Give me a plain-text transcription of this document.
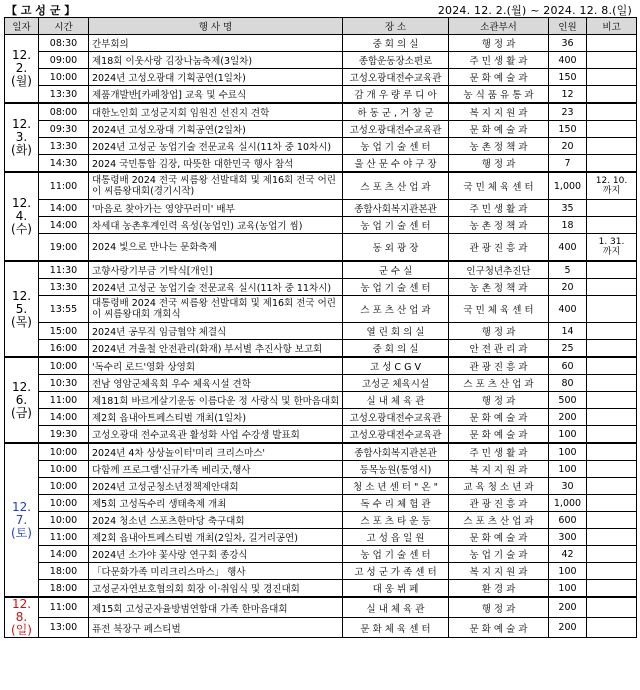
【 고 성 군 】	2024. 12. 2.(월) ~ 2024. 12. 8.(일)
일자	시간	행 사 명	장 소	소관부서	인원	비고
12. 2.
(월)	08:30	간부회의	중 회 의 실	행 정 과	36	
	09:00	제18회 이웃사랑 김장나눔축제(3일차)	종합운동장소편로	주 민 생 활 과	400	
	10:00	2024년 고성오광대 기획공연(1일차)	고성오광대전수교육관	문 화 예 술 과	150	
	13:30	제품개발반[카페창업] 교육 및 수료식	감 개 우 량 루 디 아	농 식 품 유 통 과	12	
12. 3.
(화)	08:00	대한노인회 고성군지회 임원진 선진지 견학	하 동 군 , 거 창 군	복 지 지 원 과	23	
	09:30	2024년 고성오광대 기획공연(2일차)	고성오광대전수교육관	문 화 예 술 과	150	
	13:30	2024년 고성군 농업기술 전문교육 실시(11차 중 10차시)	농 업 기 술 센 터	농 촌 정 책 과	20	
	14:30	2024 국민통합 김장, 따뜻한 대한민국 행사 참석	울 산 문 수 야 구 장	행 정 과	7	
12. 4.
(수)	11:00	대통령배 2024 전국 씨름왕 선발대회 및 제16회 전국 어린이 씨름왕대회(경기시작)	스 포 츠 산 업 과	국 민 체 육 센 터	1,000	12. 10.
까지
	14:00	'마음로 찾아가는 영양꾸러미' 배부	종합사회복지관본관	주 민 생 활 과	35	
	14:00	차세대 농촌후계인력 육성(농업인) 교육(농업기 씸)	농 업 기 술 센 터	농 촌 정 책 과	18	
	19:00	2024 빛으로 만나는 문화축제	동 외 광 장	관 광 진 흥 과	400	1. 31.
까지
12. 5.
(목)	11:30	고향사랑기부금 기탁식[개인]	군 수 실	인구청년추진단	5	
	13:30	2024년 고성군 농업기술 전문교육 실시(11차 중 11차시)	농 업 기 술 센 터	농 촌 정 책 과	20	
	13:55	대통령배 2024 전국 씨름왕 선발대회 및 제16회 전국 어린이 씨름왕대회 개회식	스 포 츠 산 업 과	국 민 체 육 센 터	400	
	15:00	2024년 공무직 임금협약 체결식	열 린 회 의 실	행 정 과	14	
	16:00	2024년 겨울철 안전관리(화재) 부서별 추진사항 보고회	중 회 의 실	안 전 관 리 과	25	
12. 6.
(금)	10:00	'독수리 로드'영화 상영회	고 성 C G V	관 광 진 흥 과	60	
	10:30	전남 영암군체육회 우수 체육시설 견학	고성군 체육시설	스 포 츠 산 업 과	80	
	11:00	제181회 바르게살기운동 이름다운 정 사랑식 및 한마음대회	실 내 체 육 관	행 정 과	500	
	14:00	제2회 읍내아트페스티벌 개최(1일차)	고성오광대전수교육관	문 화 예 술 과	200	
	19:30	고성오광대 전수교육관 활성화 사업 수강생 발표회	고성오광대전수교육관	문 화 예 술 과	100	
12. 7.
(토)	10:00	2024년 4차 상상놀이터'미리 크리스마스'	종합사회복지관본관	주 민 생 활 과	100	
	10:00	다함께 프로그램'신규가족 베리굿,행사	등목농원(통영시)	복 지 지 원 과	100	
	10:00	2024년 고성군청소년정책제안대회	청 소 년 센 터 " 온 "	교 육 청 소 년 과	30	
	10:00	제5회 고성독수리 생태축제 개최	독 수 리 체 험 관	관 광 진 흥 과	1,000	
	10:00	2024 청소년 스포츠한마당 축구대회	스 포 츠 타 운 등	스 포 츠 산 업 과	600	
	11:00	제2회 읍내아트페스티벌 개최(2일차, 길거리공연)	고 성 읍 일 원	문 화 예 술 과	300	
	14:00	2024년 소가야 꽃사랑 연구회 종강식	농 업 기 술 센 터	농 업 기 술 과	42	
	18:00	「다문화가족 미리크리스마스」 행사	고 성 군 가 족 센 터	복 지 지 원 과	100	
	18:00	고성군자연보호협의회 회장 이·취임식 및 경진대회	대 웅 뷔 페	환 경 과	100	
12. 8.
(일)	11:00	제15회 고성군자율방범연합대 가족 한마음대회	실 내 체 육 관	행 정 과	200	
	13:00	퓨전 북장구 페스티벌	문 화 체 육 센 터	문 화 예 술 과	200	
